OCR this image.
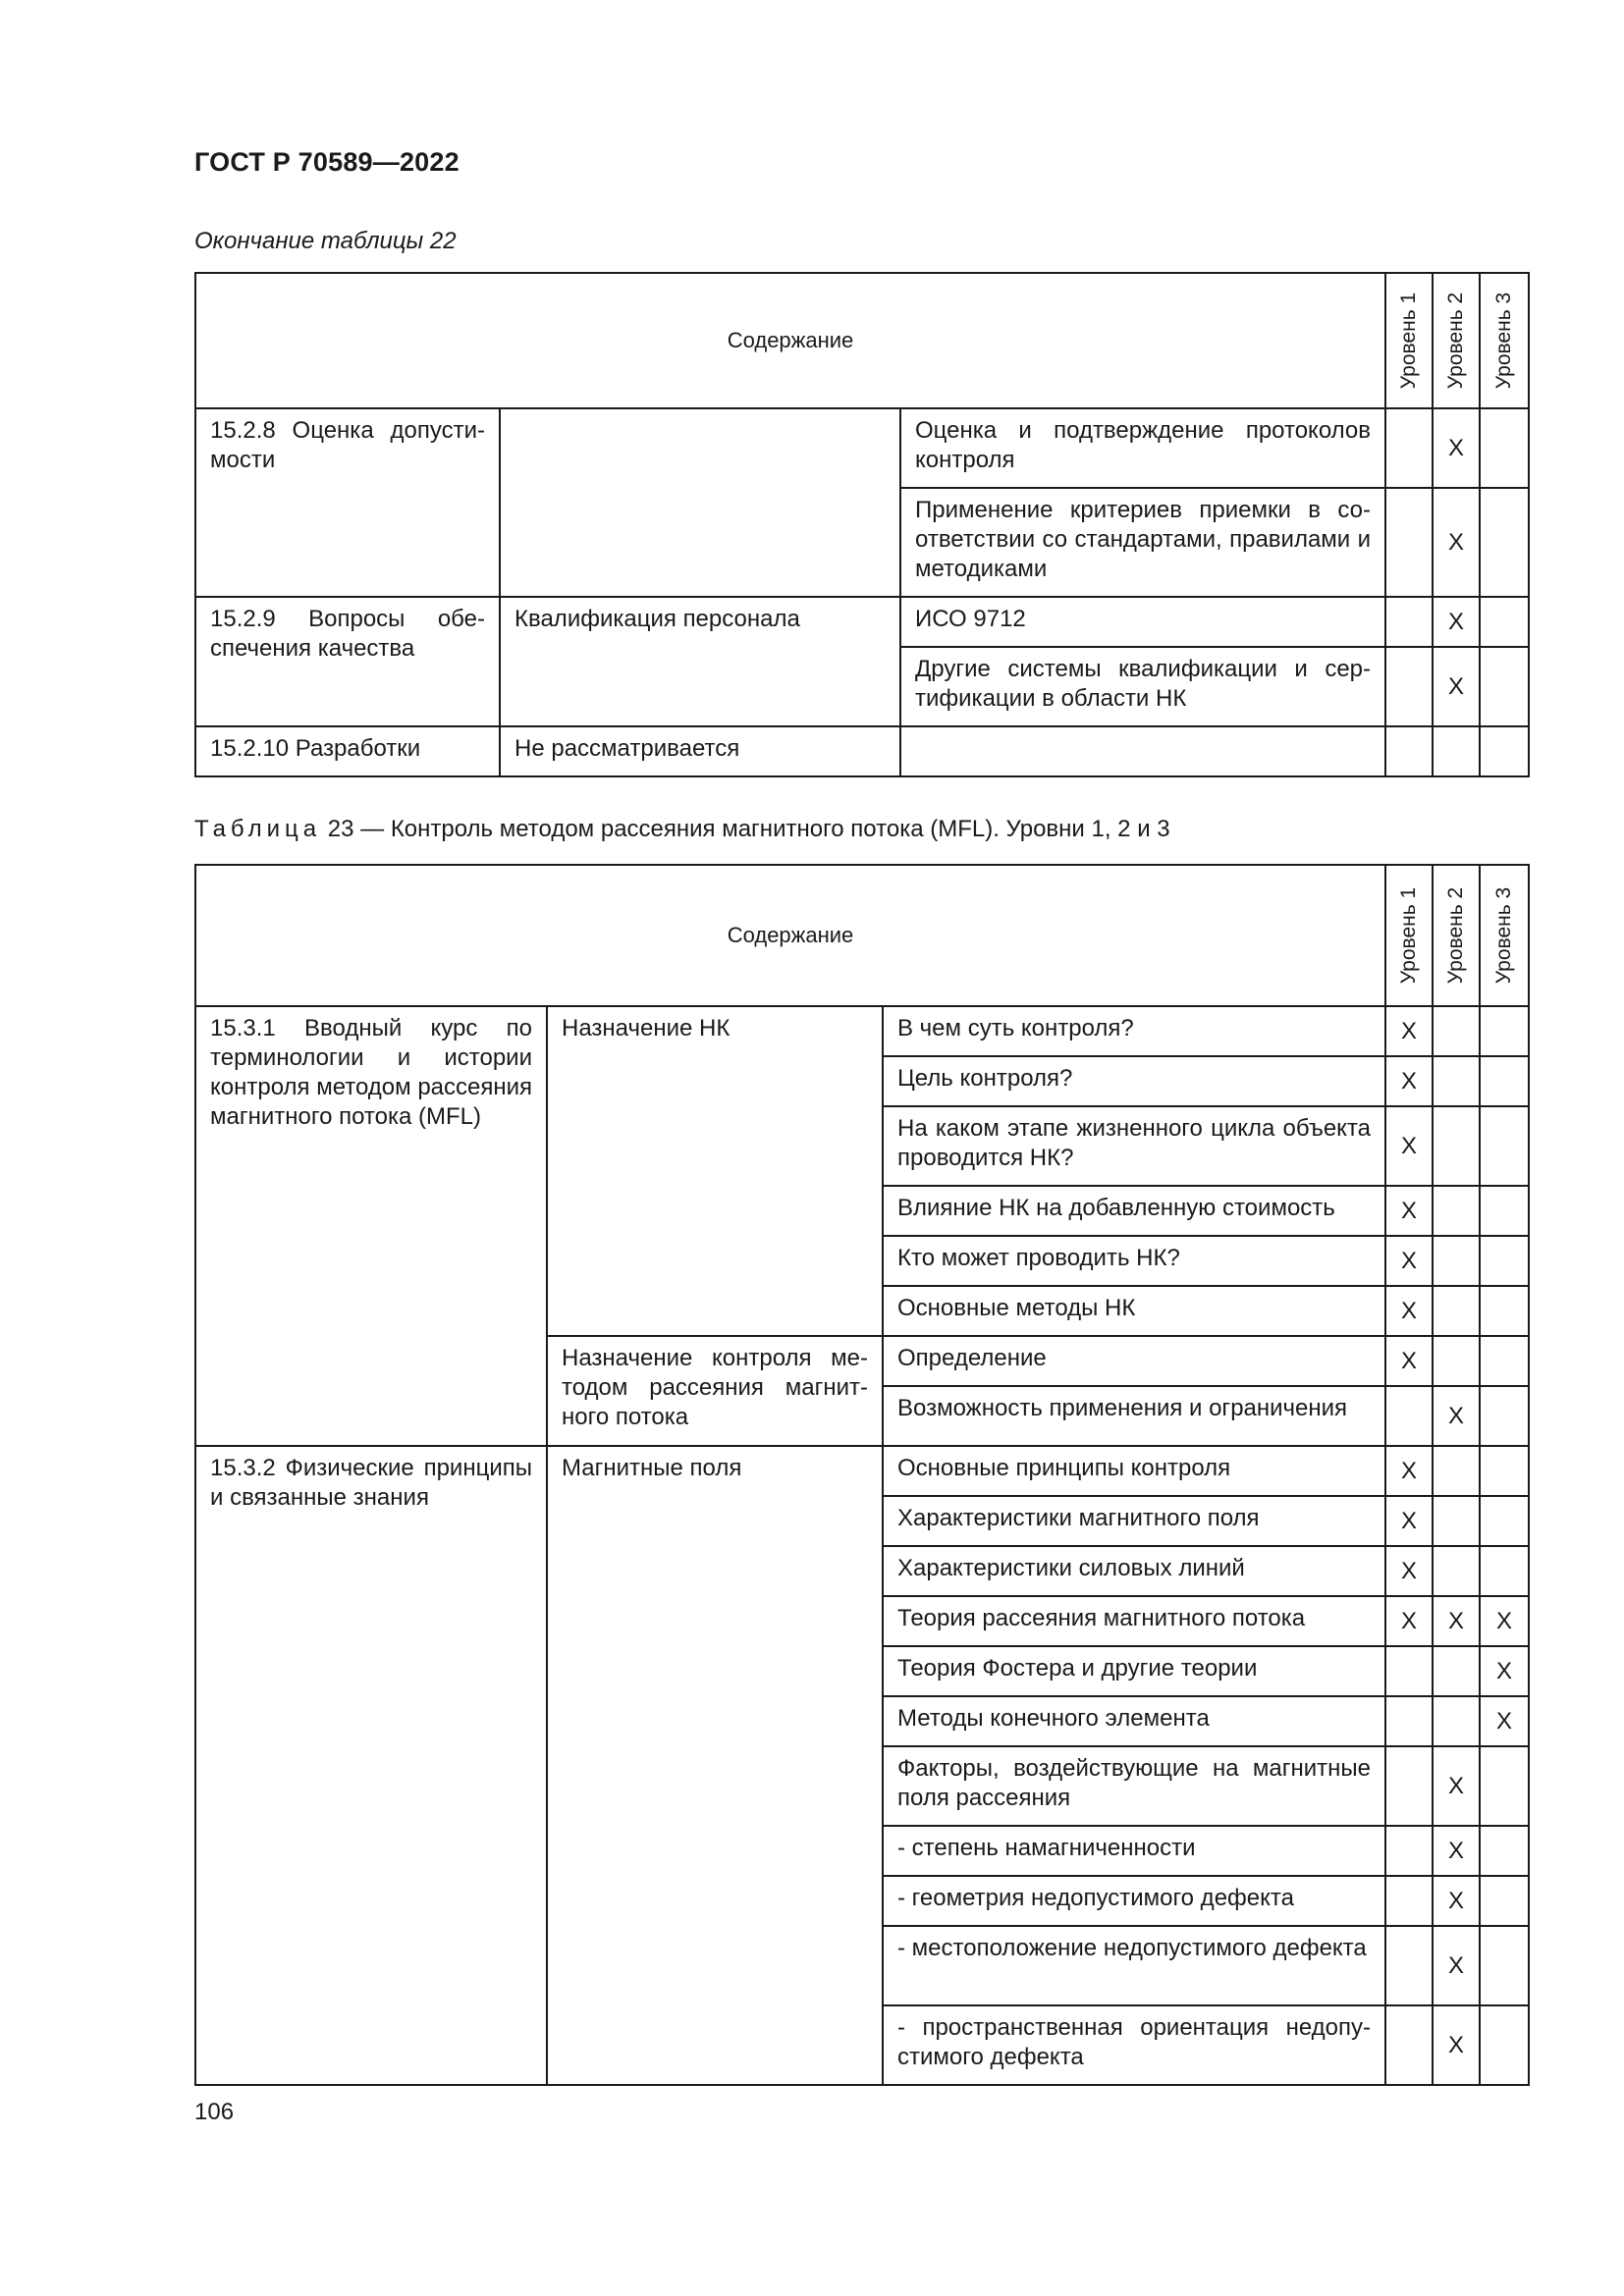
ГОСТ Р 70589—2022
Окончание таблицы 22
Содержание			Уровень 1	Уровень 2	Уровень 3

15.2.8 Оценка допустимости		Оценка и подтверждение протоколов контроля		X	
		Применение критериев приемки в соответствии со стандартами, правилами и методиками		X	
15.2.9 Вопросы обеспечения качества	Квалификация персонала	ИСО 9712		X	
		Другие системы квалификации и сертификации в области НК		X	
15.2.10 Разработки	Не рассматривается				
Таблица 23 — Контроль методом рассеяния магнитного потока (MFL). Уровни 1, 2 и 3
Содержание			Уровень 1	Уровень 2	Уровень 3

15.3.1 Вводный курс по терминологии и истории контроля методом рассеяния магнитного потока (MFL)	Назначение НК	В чем суть контроля?	X		
		Цель контроля?	X		
		На каком этапе жизненного цикла объекта проводится НК?	X		
		Влияние НК на добавленную стоимость	X		
		Кто может проводить НК?	X		
		Основные методы НК	X		
	Назначение контроля методом рассеяния магнитного потока	Определение	X		
		Возможность применения и ограничения		X	
15.3.2 Физические принципы и связанные знания	Магнитные поля	Основные принципы контроля	X		
		Характеристики магнитного поля	X		
		Характеристики силовых линий	X		
		Теория рассеяния магнитного потока	X	X	X
		Теория Фостера и другие теории			X
		Методы конечного элемента			X
		Факторы, воздействующие на магнитные поля рассеяния		X	
		- степень намагниченности		X	
		- геометрия недопустимого дефекта		X	
		- местоположение недопустимого дефекта		X	
		- пространственная ориентация недопустимого дефекта		X	
106
